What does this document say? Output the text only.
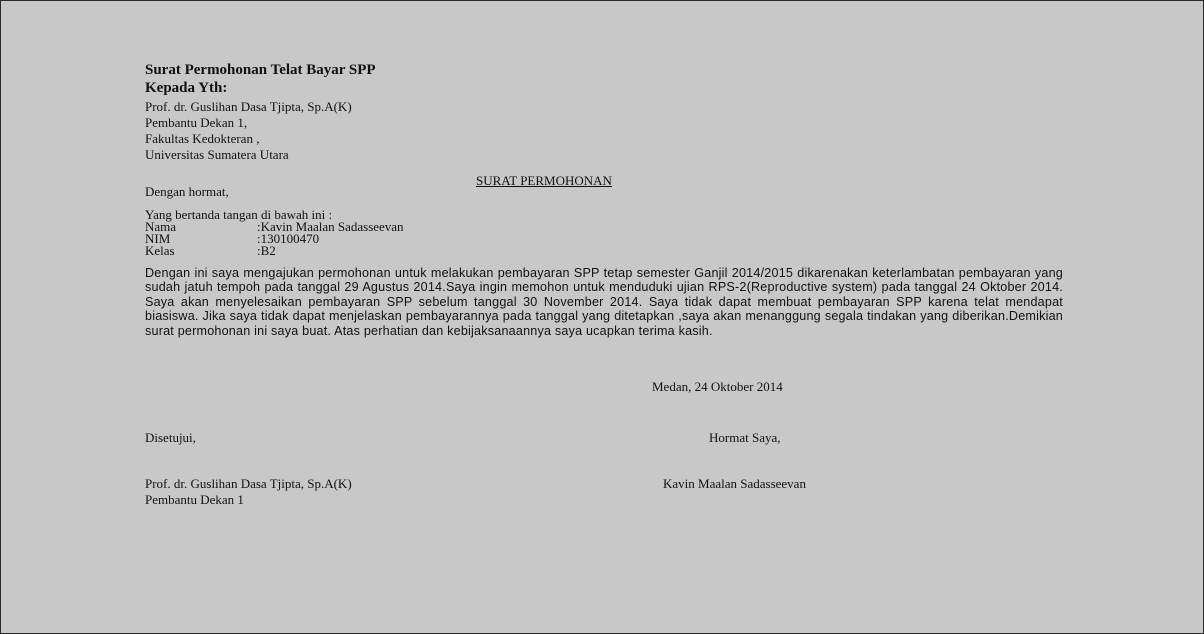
Surat Permohonan Telat Bayar SPP
Kepada Yth:
Prof. dr. Guslihan Dasa Tjipta, Sp.A(K)
Pembantu Dekan 1,
Fakultas Kedokteran ,
Universitas Sumatera Utara
SURAT PERMOHONAN
Dengan hormat,
Yang bertanda tangan di bawah ini :
Nama	:Kavin Maalan Sadasseevan
NIM	:130100470
Kelas	:B2
Dengan ini saya mengajukan permohonan untuk melakukan pembayaran SPP tetap semester Ganjil 2014/2015 dikarenakan keterlambatan pembayaran yang sudah jatuh tempoh pada tanggal 29 Agustus 2014.Saya ingin memohon untuk menduduki ujian RPS-2(Reproductive system) pada tanggal 24 Oktober 2014. Saya akan menyelesaikan pembayaran SPP sebelum tanggal 30 November 2014. Saya tidak dapat membuat pembayaran SPP karena telat mendapat biasiswa. Jika saya tidak dapat menjelaskan pembayarannya pada tanggal yang ditetapkan ,saya akan menanggung segala tindakan yang diberikan.Demikian surat permohonan ini saya buat. Atas perhatian dan kebijaksanaannya saya ucapkan terima kasih.
Medan, 24 Oktober 2014
Disetujui,	Hormat Saya,
Prof. dr. Guslihan Dasa Tjipta, Sp.A(K)	Kavin Maalan Sadasseevan
Pembantu Dekan 1
